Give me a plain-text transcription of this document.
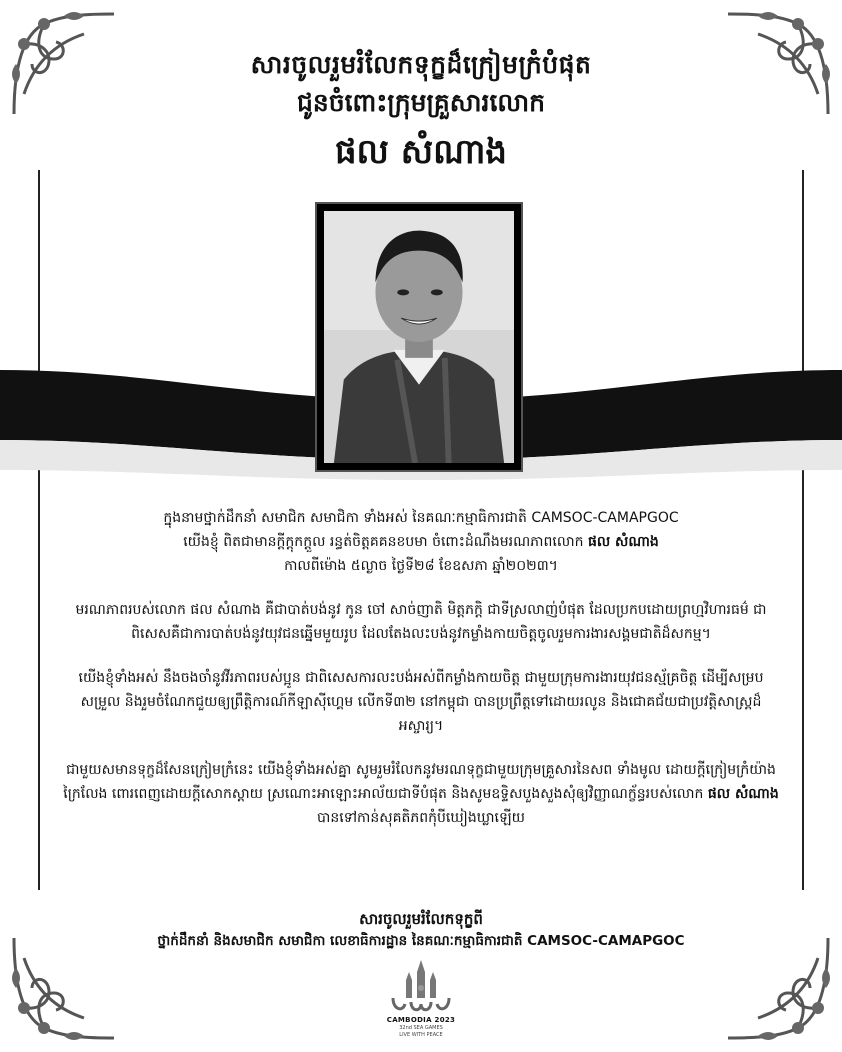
សារចូលរួមរំលែកទុក្ខដ៏ក្រៀមក្រំបំផុត
ជូនចំពោះក្រុមគ្រួសារលោក
ផល សំណាង

ក្នុងនាមថ្នាក់ដឹកនាំ សមាជិក សមាជិកា ទាំងអស់ នៃគណៈកម្មាធិការជាតិ CAMSOC-CAMAPGOC
យើងខ្ញុំ ពិតជាមានក្តីក្តុកក្តួល រន្ធត់ចិត្តគគនខបមា ចំពោះដំណឹងមរណភាពលោក ផល សំណាង
កាលពីម៉ោង ៥ល្ងាច ថ្ងៃទី២៨ ខែឧសភា ឆ្នាំ២០២៣។

មរណភាពរបស់លោក ផល សំណាង គឺជាបាត់បង់នូវ កូន ចៅ សាច់ញាតិ មិត្តភក្តិ ជាទីស្រលាញ់បំផុត ដែលប្រកបដោយព្រហ្មវិហារធម៌ ជាពិសេសគឺជាការបាត់បង់នូវយុវជនឆ្នើមមួយរូប ដែលតែងលះបង់នូវកម្លាំងកាយចិត្តចូលរួមការងារសង្គមជាតិដ៏សកម្ម។

យើងខ្ញុំទាំងអស់ នឹងចងចាំនូវវីរភាពរបស់ប្អូន ជាពិសេសការលះបង់អស់ពីកម្លាំងកាយចិត្ត ជាមួយក្រុមការងារយុវជនស្ម័គ្រចិត្ត ដើម្បីសម្របសម្រួល និងរួមចំណែកជួយឲ្យព្រឹត្តិការណ៍កីឡាស៊ីហ្គេម លើកទី៣២ នៅកម្ពុជា បានប្រព្រឹត្តទៅដោយរលូន និងជោគជ័យជាប្រវត្តិសាស្រ្តដ៏អស្ចារ្យ។

ជាមួយសមានទុក្ខដ៏សែនក្រៀមក្រំនេះ យើងខ្ញុំទាំងអស់គ្នា សូមរួមរំលែកនូវមរណទុក្ខជាមួយក្រុមគ្រួសារនៃសព ទាំងមូល ដោយក្តីក្រៀមក្រំយ៉ាងក្រៃលែង ពោរពេញដោយក្តីសោកស្តាយ ស្រណោះអាឡោះអាល័យជាទីបំផុត និងសូមឧទ្ទិសបួងសួងសុំឲ្យវិញ្ញាណក្ខ័ន្ធរបស់លោក ផល សំណាង បានទៅកាន់សុគតិភពកុំបីឃៀងឃ្លាឡើយ

សារចូលរួមរំលែកទុក្ខពី
ថ្នាក់ដឹកនាំ និងសមាជិក សមាជិកា លេខាធិការដ្ឋាន នៃគណៈកម្មាធិការជាតិ CAMSOC-CAMAPGOC
CAMBODIA 2023
32nd SEA GAMES
LIVE WITH PEACE
